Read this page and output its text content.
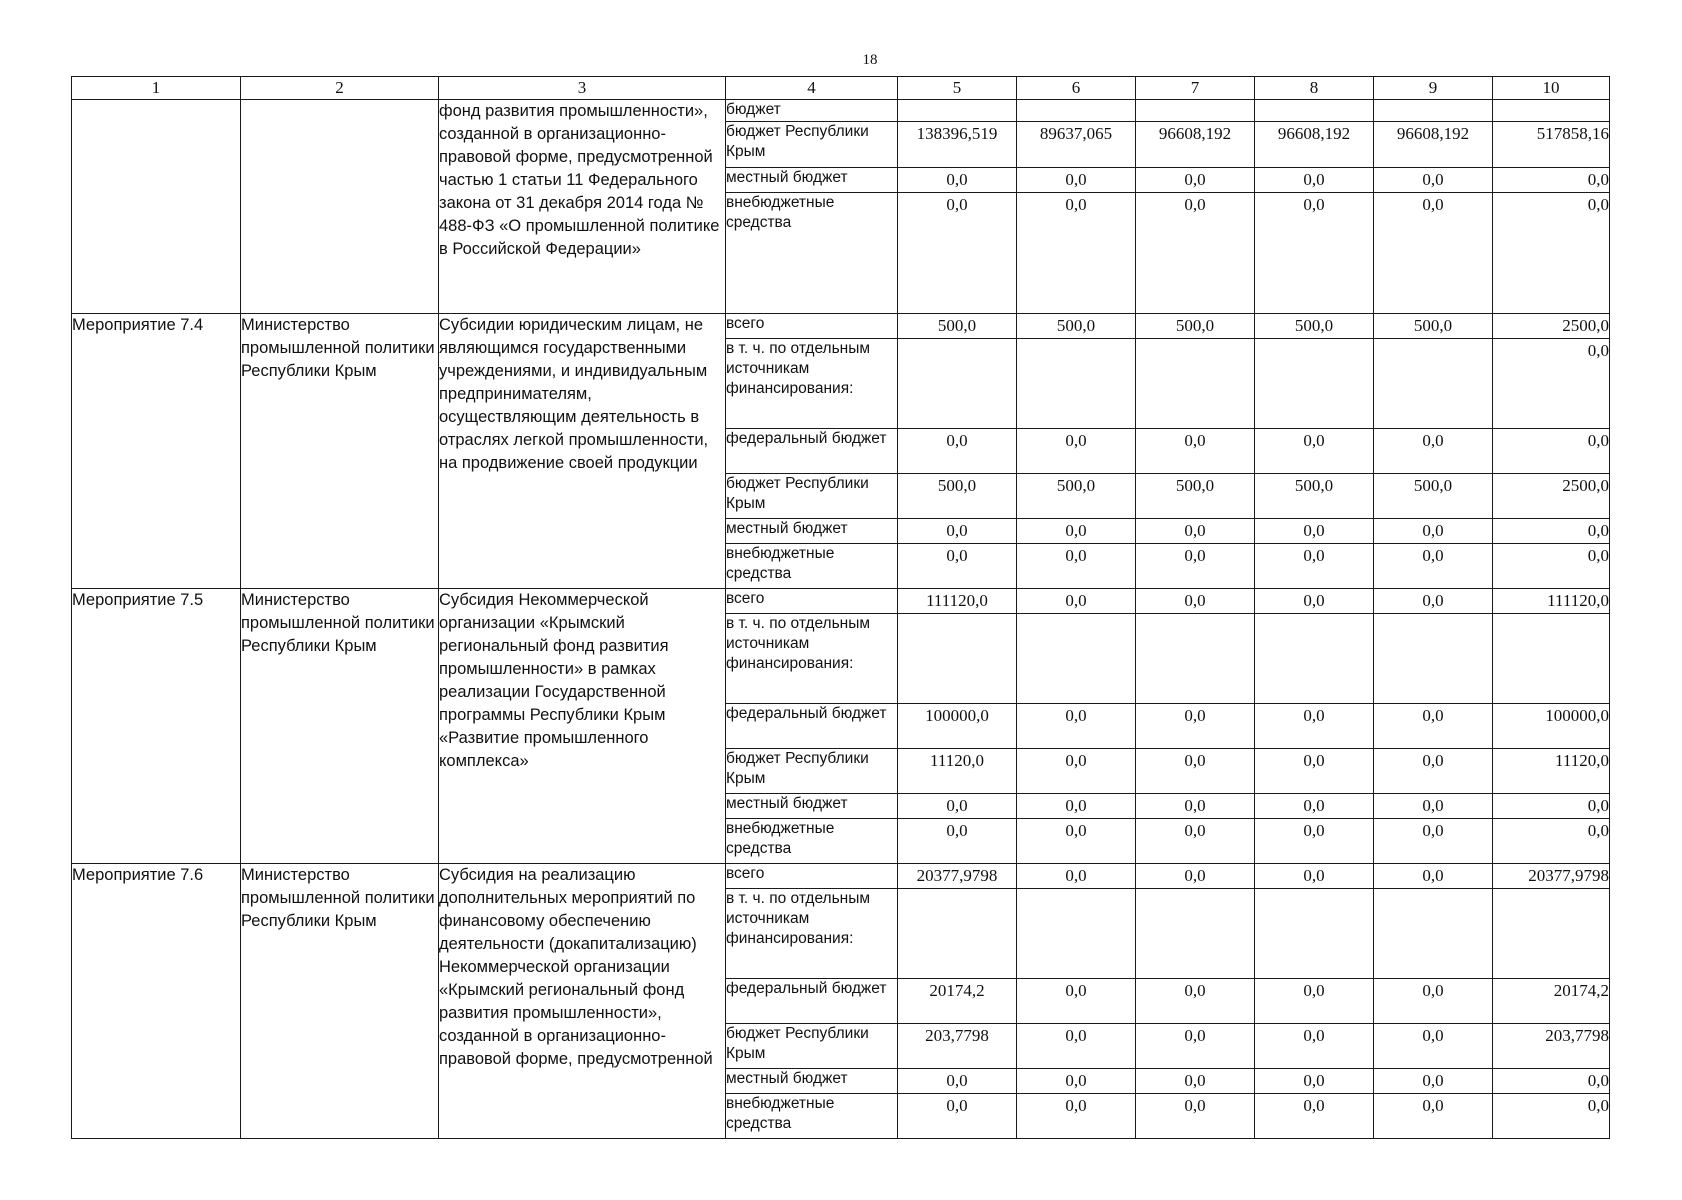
18
1	2	3	4	5	6	7	8	9	10
		фонд развития промышленности», созданной в организационно-правовой форме, предусмотренной частью 1 статьи 11 Федерального закона от 31 декабря 2014 года № 488-ФЗ «О промышленной политике в Российской Федерации»	бюджет						
			бюджет Республики Крым	138396,519	89637,065	96608,192	96608,192	96608,192	517858,16
			местный бюджет	0,0	0,0	0,0	0,0	0,0	0,0
			внебюджетные средства	0,0	0,0	0,0	0,0	0,0	0,0
Мероприятие 7.4	Министерство промышленной политики Республики Крым	Субсидии юридическим лицам, не являющимся государственными учреждениями, и индивидуальным предпринимателям, осуществляющим деятельность в отраслях легкой промышленности, на продвижение своей продукции	всего	500,0	500,0	500,0	500,0	500,0	2500,0
			в т. ч. по отдельным источникам финансирования:						0,0
			федеральный бюджет	0,0	0,0	0,0	0,0	0,0	0,0
			бюджет Республики Крым	500,0	500,0	500,0	500,0	500,0	2500,0
			местный бюджет	0,0	0,0	0,0	0,0	0,0	0,0
			внебюджетные средства	0,0	0,0	0,0	0,0	0,0	0,0
Мероприятие 7.5	Министерство промышленной политики Республики Крым	Субсидия Некоммерческой организации «Крымский региональный фонд развития промышленности» в рамках реализации Государственной программы Республики Крым «Развитие промышленного комплекса»	всего	111120,0	0,0	0,0	0,0	0,0	111120,0
			в т. ч. по отдельным источникам финансирования:						
			федеральный бюджет	100000,0	0,0	0,0	0,0	0,0	100000,0
			бюджет Республики Крым	11120,0	0,0	0,0	0,0	0,0	11120,0
			местный бюджет	0,0	0,0	0,0	0,0	0,0	0,0
			внебюджетные средства	0,0	0,0	0,0	0,0	0,0	0,0
Мероприятие 7.6	Министерство промышленной политики Республики Крым	Субсидия на реализацию дополнительных мероприятий по финансовому обеспечению деятельности (докапитализацию) Некоммерческой организации «Крымский региональный фонд развития промышленности», созданной в организационно-правовой форме, предусмотренной	всего	20377,9798	0,0	0,0	0,0	0,0	20377,9798
			в т. ч. по отдельным источникам финансирования:						
			федеральный бюджет	20174,2	0,0	0,0	0,0	0,0	20174,2
			бюджет Республики Крым	203,7798	0,0	0,0	0,0	0,0	203,7798
			местный бюджет	0,0	0,0	0,0	0,0	0,0	0,0
			внебюджетные средства	0,0	0,0	0,0	0,0	0,0	0,0
